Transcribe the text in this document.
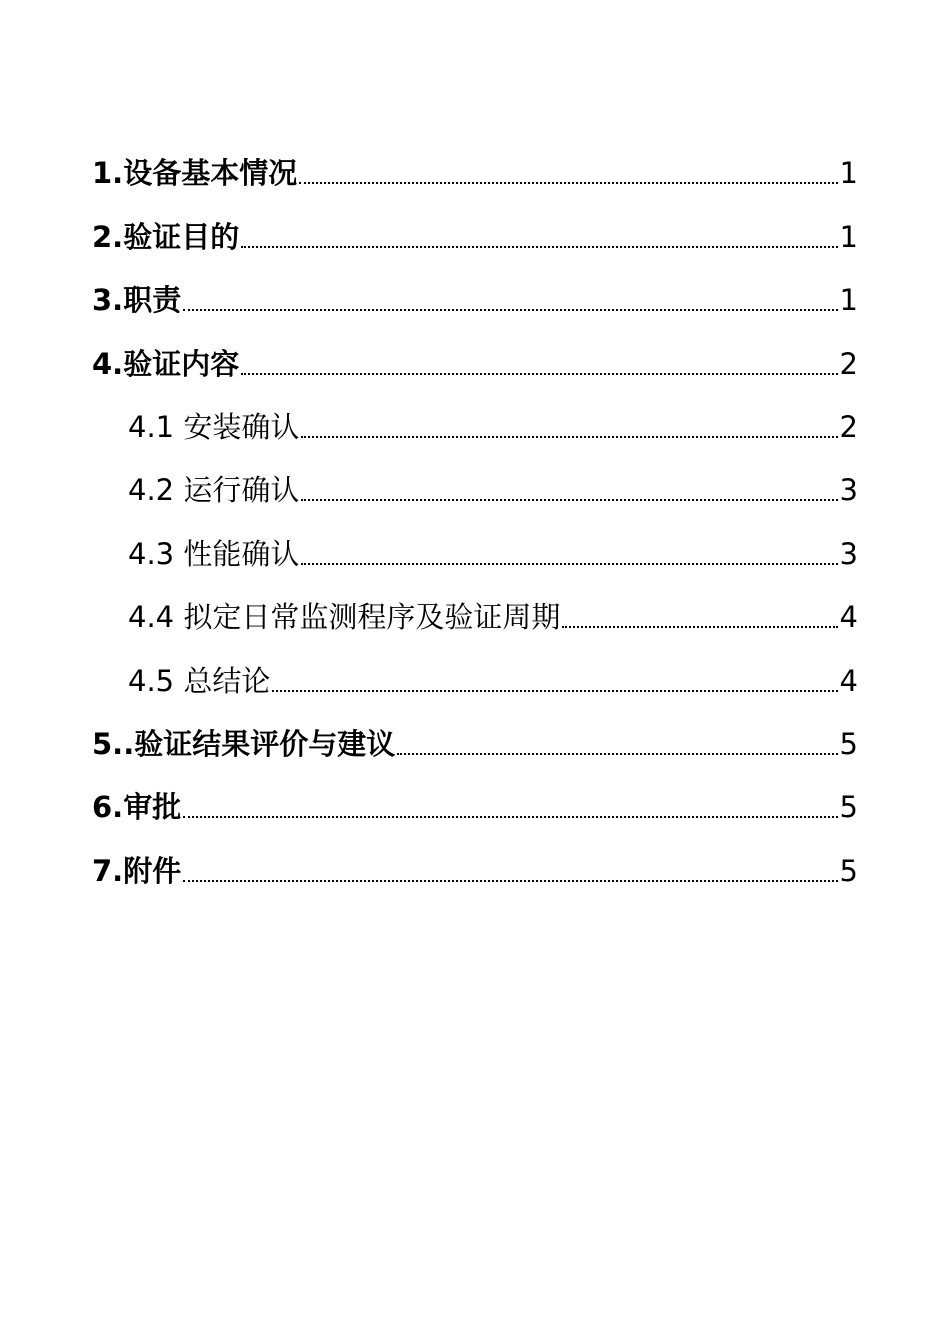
1.设备基本情况	1
2.验证目的	1
3.职责	1
4.验证内容	2
4.1 安装确认	2
4.2 运行确认	3
4.3 性能确认	3
4.4 拟定日常监测程序及验证周期	4
4.5 总结论	4
5..验证结果评价与建议	5
6.审批	5
7.附件	5
